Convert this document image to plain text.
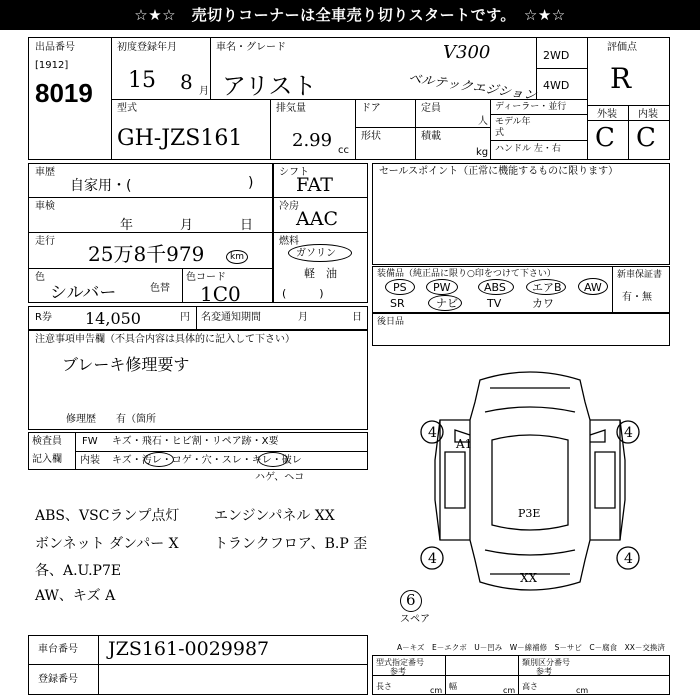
☆★☆　売切りコーナーは全車売り切りスタートです。　☆★☆
出品番号
[1912]
8019
初度登録年月
15 8 月
車名・グレード
アリスト
V300
ベルテックエジション
2WD
4WD
評価点
R
外装 内装
C C
型式
GH-JZS161
排気量
2.99 cc
ドア
形状
定員
人
積載
kg
ディーラー・並行
モデル年式
ハンドル 左・右
車歴
自家用・(	)
車検
年	月	日
走行
25万8千979	km
色
シルバー	色替
色コード
1C0
R券 14,050	円 名変通知期間	月	日
シフト
FAT
冷房
AAC
燃料
ガソリン
軽　油
(　　　)
セールスポイント（正常に機能するものに限ります）
装備品（純正品に限り○印をつけて下さい）
PS PW	ABS エアB AW
SR	ナビ	TV	カワ
新車保証書
有・無
後日品
注意事項申告欄（不具合内容は具体的に記入して下さい）
ブレーキ修理要す
修理歴　　有（箇所
検査員
記入欄
FW キズ・飛石・ヒビ割・リペア跡・X要
内装 キズ・汚レ・コゲ・穴・スレ・キレ・破レ
ハゲ、ヘコ
ABS、VSCランプ点灯 エンジンパネル XX
ボンネット ダンパー X	トランクフロア、B.P 歪
各、A.U.P7E
AW、キズ A
4	4
4	4
A1
P3E
XX
6
スペア
A－キズ　E－エクボ　U－凹み　W－線補修　S－サビ　C－腐食　XX－交換済
車台番号 JZS161-0029987
登録番号
型式指定番号
参考
類別区分番号
参考
長さ	cm 幅	cm 高さ	cm
